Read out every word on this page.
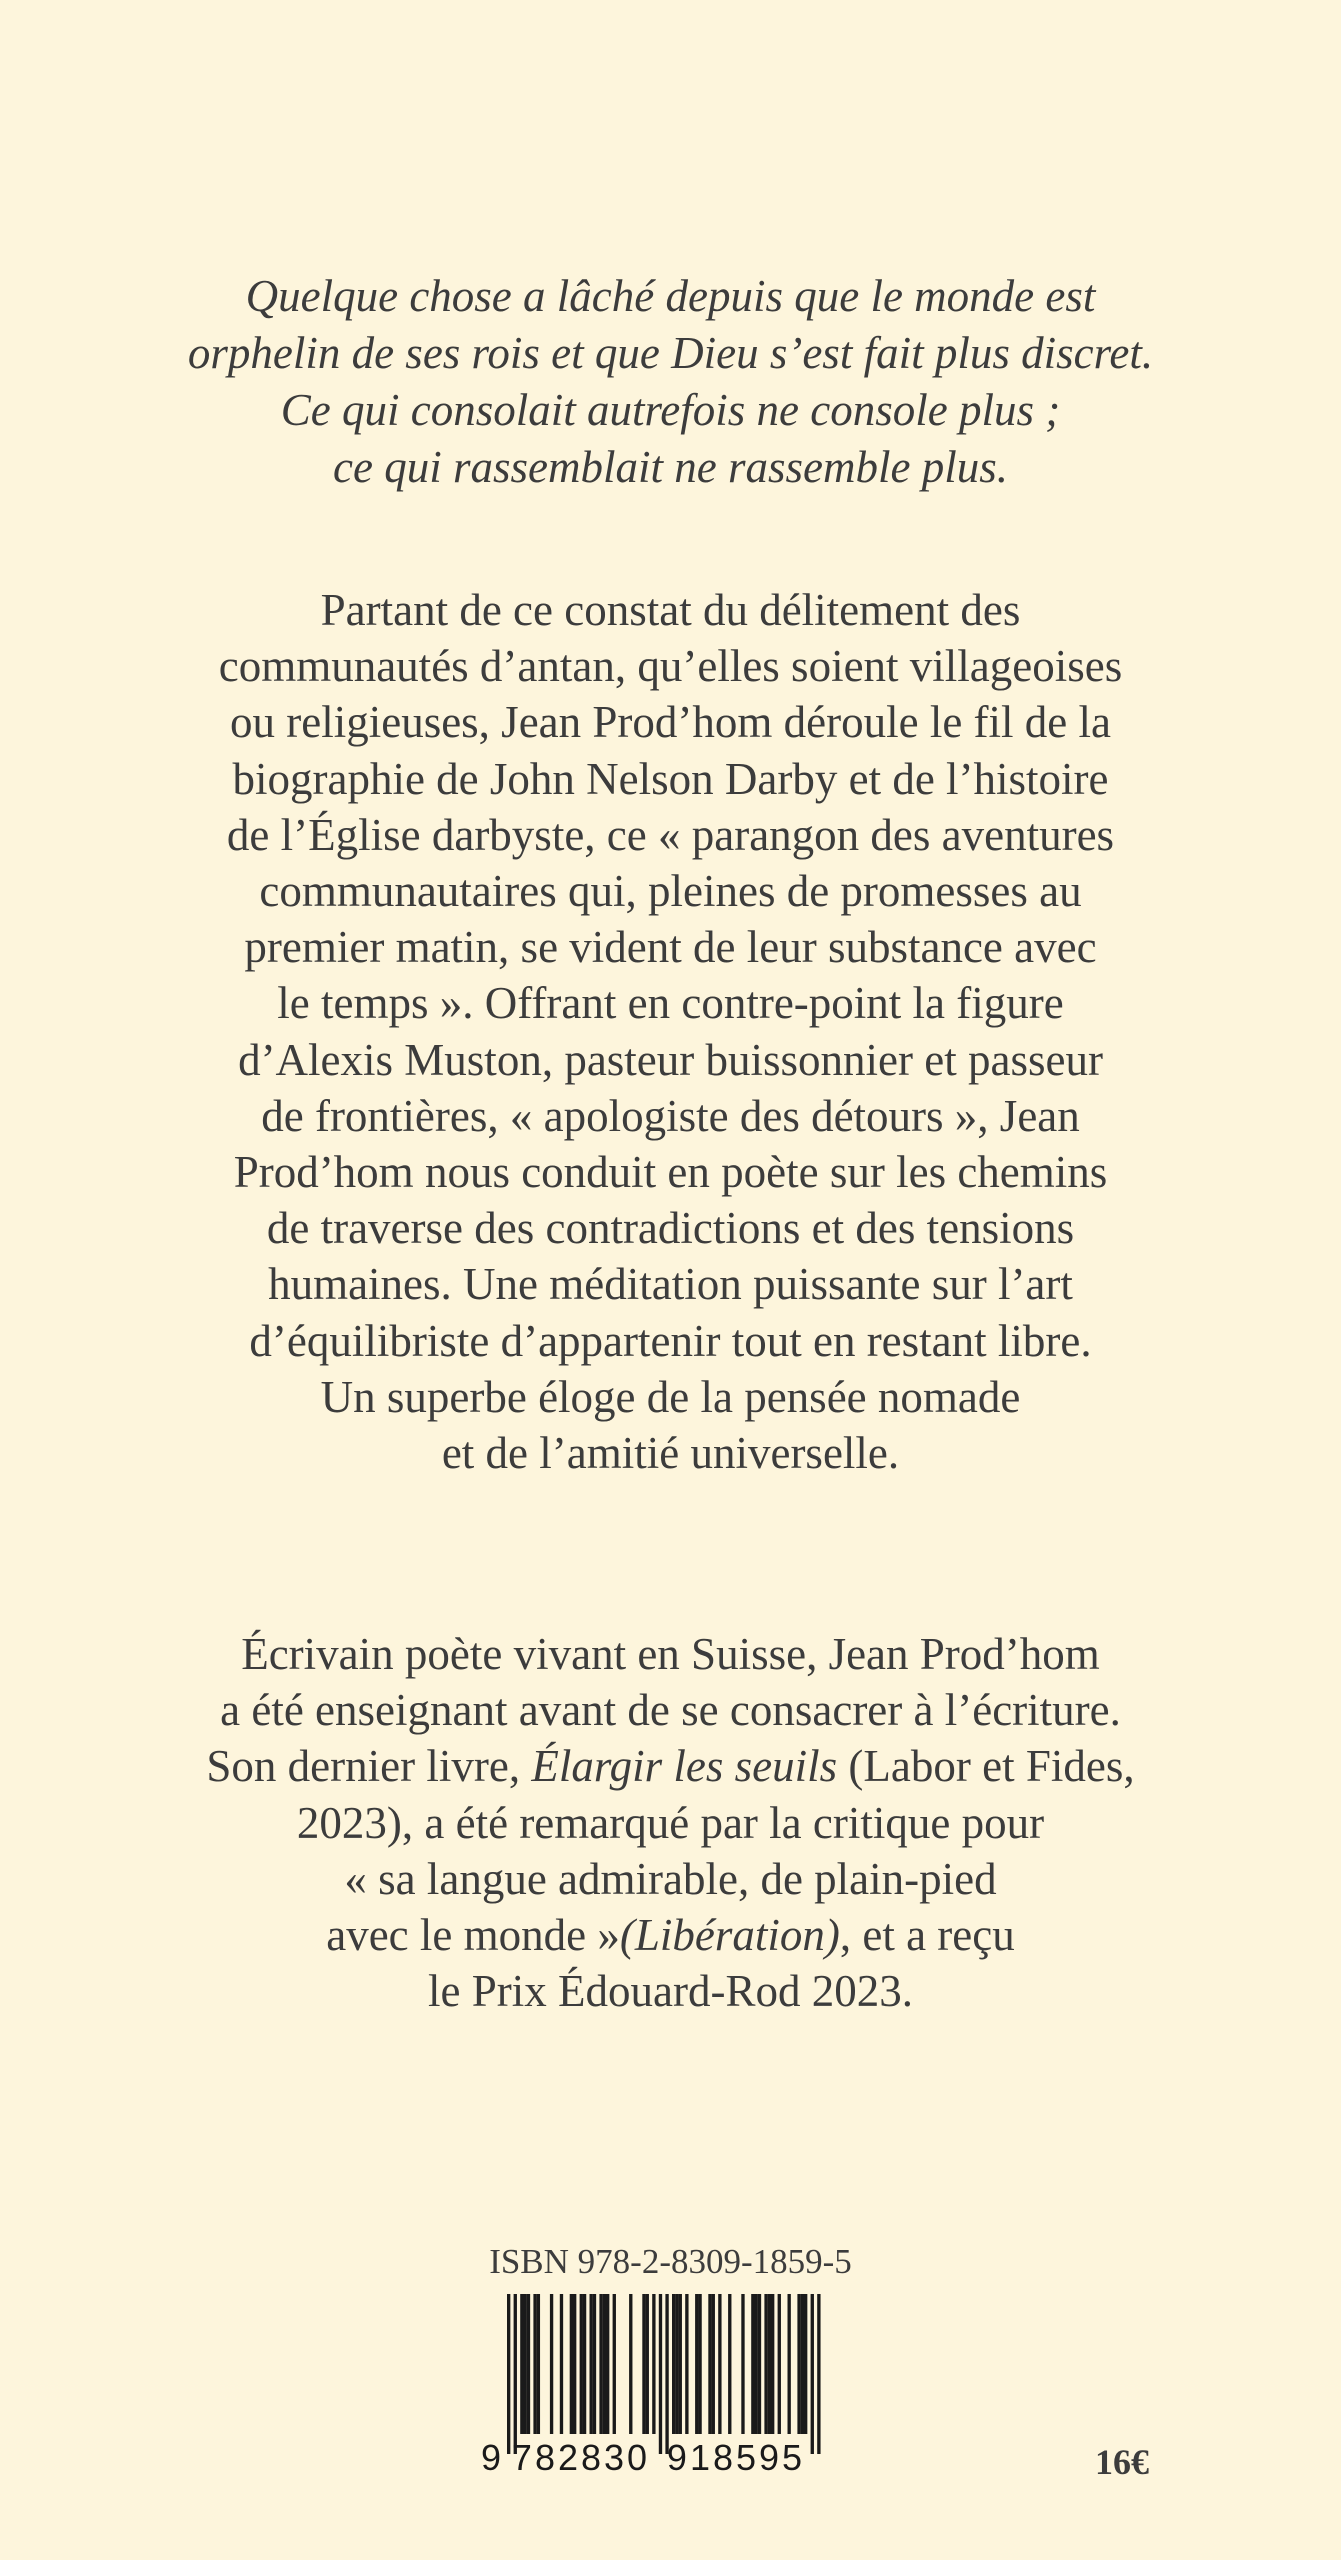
Quelque chose a lâché depuis que le monde est
orphelin de ses rois et que Dieu s’est fait plus discret.
Ce qui consolait autrefois ne console plus ;
ce qui rassemblait ne rassemble plus.
Partant de ce constat du délitement des
communautés d’antan, qu’elles soient villageoises
ou religieuses, Jean Prod’hom déroule le fil de la
biographie de John Nelson Darby et de l’histoire
de l’Église darbyste, ce « parangon des aventures
communautaires qui, pleines de promesses au
premier matin, se vident de leur substance avec
le temps ». Offrant en contre-point la figure
d’Alexis Muston, pasteur buissonnier et passeur
de frontières, « apologiste des détours », Jean
Prod’hom nous conduit en poète sur les chemins
de traverse des contradictions et des tensions
humaines. Une méditation puissante sur l’art
d’équilibriste d’appartenir tout en restant libre.
Un superbe éloge de la pensée nomade
et de l’amitié universelle.
Écrivain poète vivant en Suisse, Jean Prod’hom
a été enseignant avant de se consacrer à l’écriture.
Son dernier livre, Élargir les seuils (Labor et Fides,
2023), a été remarqué par la critique pour
« sa langue admirable, de plain-pied
avec le monde »(Libération), et a reçu
le Prix Édouard-Rod 2023.
ISBN 978-2-8309-1859-5
9 782830 918595	16€
